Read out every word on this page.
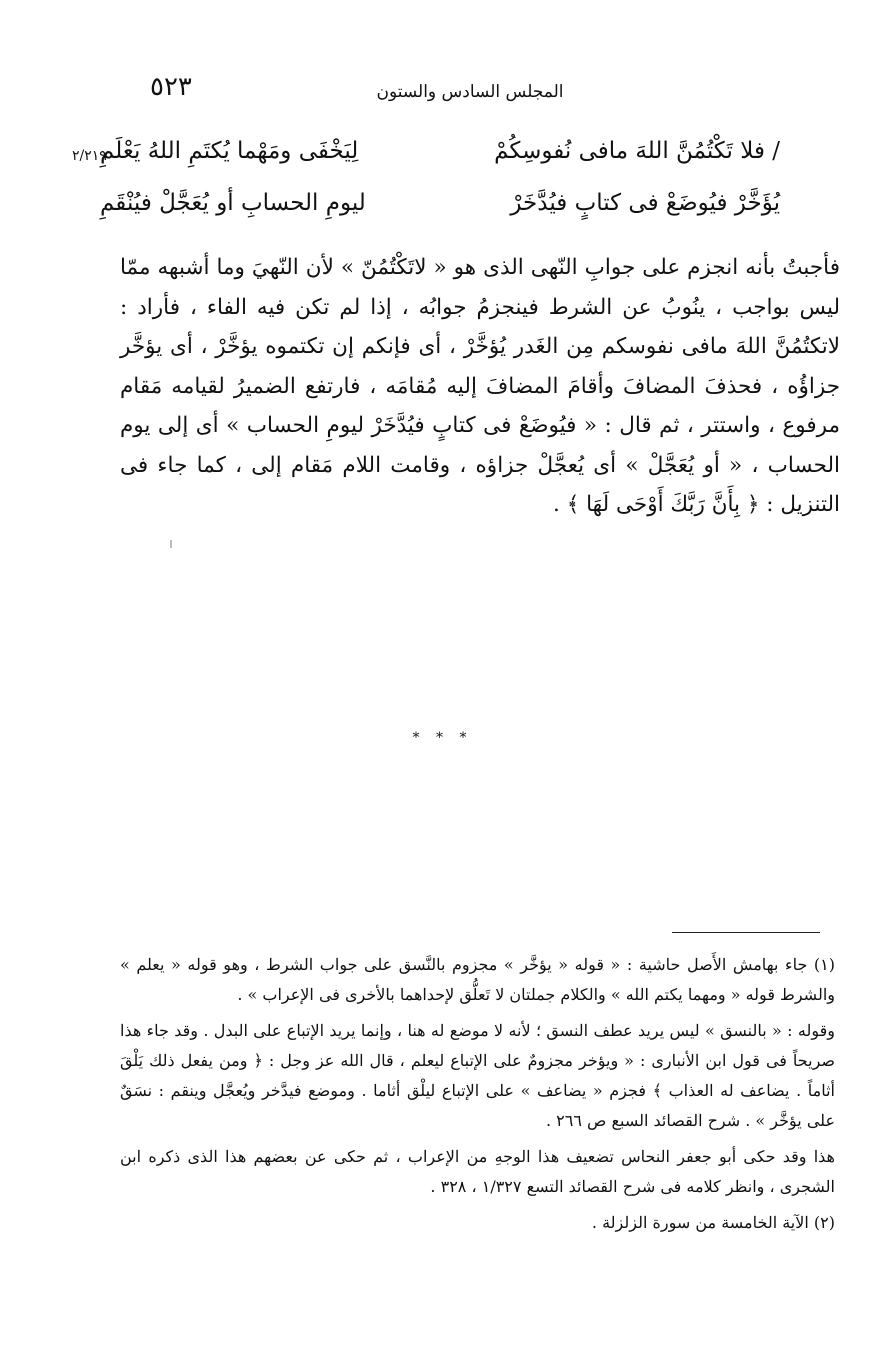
٥٢٣	المجلس السادس والستون
٢/٢١٩	/ فلا تَكْتُمُنَّ اللهَ مافى نُفوسِكُمْ
لِيَخْفَى ومَهْما يُكتَمِ اللهُ يَعْلَمِ
يُؤَخَّرْ فيُوضَعْ فى كتابٍ فيُدَّخَرْ
ليومِ الحسابِ أو يُعَجَّلْ فيُنْقَمِ

فأجبتُ بأنه انجزم على جوابِ النّهى الذى هو « لاتَكْتُمُنّ » لأن النّهيَ وما أشبهه ممّا ليس بواجب ، ينُوبُ عن الشرط فينجزمُ جوابُه ، إذا لم تكن فيه الفاء ، فأراد : لاتكتُمُنَّ اللهَ مافى نفوسكم مِن الغَدر يُؤخَّرْ ، أى فإنكم إن تكتموه يؤخَّرْ ، أى يؤخَّر جزاؤُه ، فحذفَ المضافَ وأقامَ المضافَ إليه مُقامَه ، فارتفع الضميرُ لقيامه مَقام مرفوع ، واستتر ، ثم قال : « فيُوضَعْ فى كتابٍ فيُدَّخَرْ ليومِ الحساب » أى إلى يوم الحساب ، « أو يُعَجَّلْ » أى يُعجَّلْ جزاؤه ، وقامت اللام مَقام إلى ، كما جاء فى التنزيل : ﴿ بِأَنَّ رَبَّكَ أَوْحَى لَهَا ﴾ .

* * *

(١) جاء بهامش الأَصل حاشية : « قوله « يؤخَّر » مجزوم بالنَّسق على جواب الشرط ، وهو قوله « يعلم » والشرط قوله « ومهما يكتم الله » والكلام جملتان لا تَعلُّق لإحداهما بالأخرى فى الإعراب » .

وقوله : « بالنسق » ليس يريد عطف النسق ؛ لأنه لا موضع له هنا ، وإنما يريد الإتباع على البدل . وقد جاء هذا صريحاً فى قول ابن الأنبارى : « ويؤخر مجزومٌ على الإتباع ليعلم ، قال الله عز وجل : ﴿ ومن يفعل ذلك يَلْقَ أثاماً . يضاعف له العذاب ﴾ فجزم « يضاعف » على الإتباع ليلْق أثاما . وموضع فيدَّخر ويُعجَّل وينقم : نسَقٌ على يؤخَّر » . شرح القصائد السبع ص ٢٦٦ .

هذا وقد حكى أبو جعفر النحاس تضعيف هذا الوجهِ من الإعراب ، ثم حكى عن بعضهم هذا الذى ذكره ابن الشجرى ، وانظر كلامه فى شرح القصائد التسع ١/٣٢٧ ، ٣٢٨ .

(٢) الآية الخامسة من سورة الزلزلة .
